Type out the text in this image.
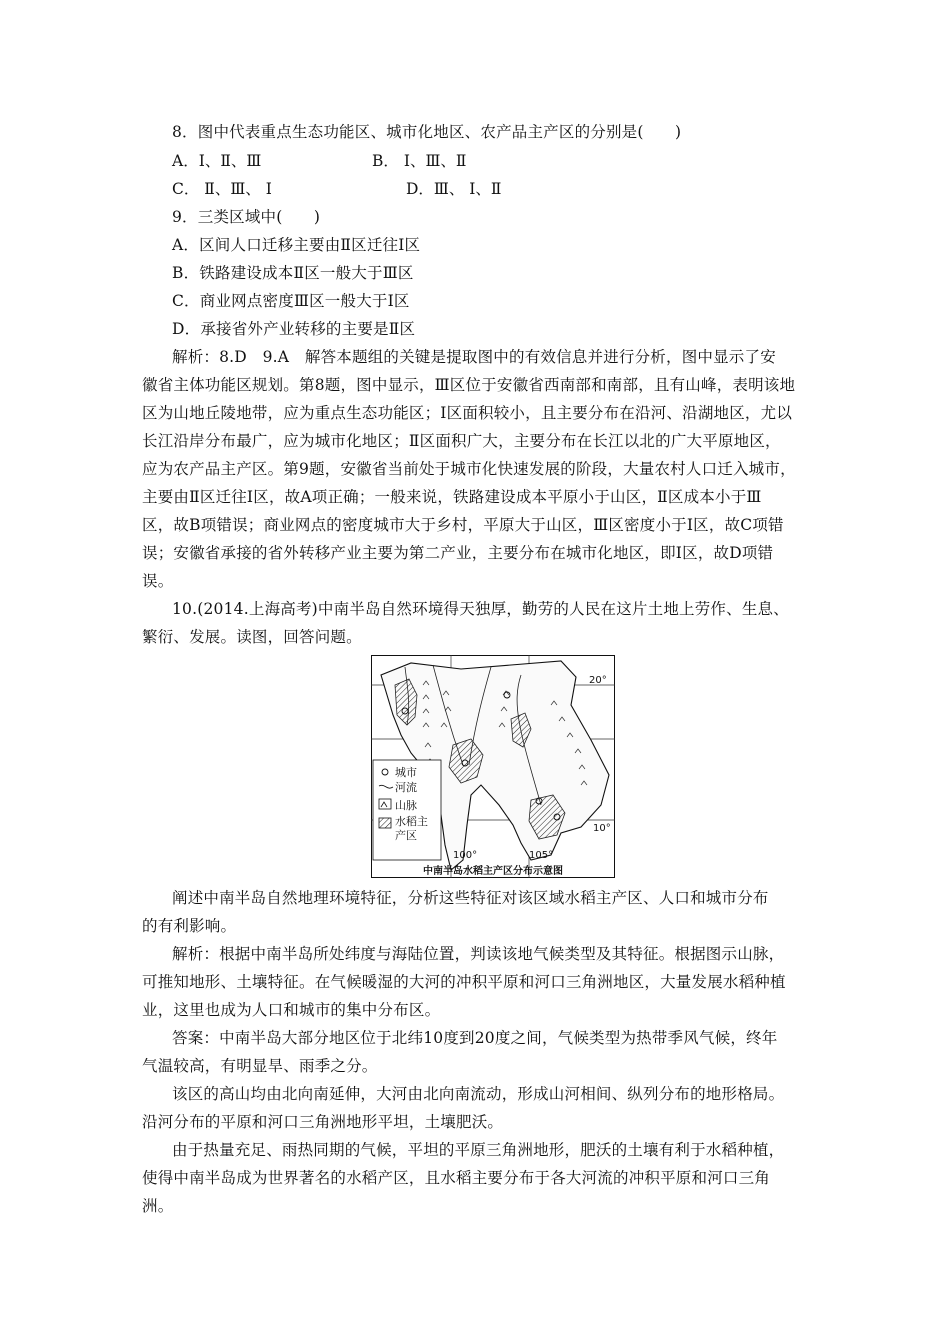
8．图中代表重点生态功能区、城市化地区、农产品主产区的分别是(　　)
A．Ⅰ、Ⅱ、Ⅲ	B． Ⅰ、Ⅲ、Ⅱ
C． Ⅱ、Ⅲ、 Ⅰ	D．Ⅲ、 Ⅰ、Ⅱ
9．三类区域中(　　)
A．区间人口迁移主要由Ⅱ区迁往Ⅰ区
B．铁路建设成本Ⅱ区一般大于Ⅲ区
C．商业网点密度Ⅲ区一般大于Ⅰ区
D．承接省外产业转移的主要是Ⅱ区
解析：8.D　9.A　解答本题组的关键是提取图中的有效信息并进行分析，图中显示了安
徽省主体功能区规划。第8题，图中显示，Ⅲ区位于安徽省西南部和南部，且有山峰，表明该地
区为山地丘陵地带，应为重点生态功能区；Ⅰ区面积较小，且主要分布在沿河、沿湖地区，尤以
长江沿岸分布最广，应为城市化地区；Ⅱ区面积广大，主要分布在长江以北的广大平原地区，
应为农产品主产区。第9题，安徽省当前处于城市化快速发展的阶段，大量农村人口迁入城市，
主要由Ⅱ区迁往Ⅰ区，故A项正确；一般来说，铁路建设成本平原小于山区，Ⅱ区成本小于Ⅲ
区，故B项错误；商业网点的密度城市大于乡村，平原大于山区，Ⅲ区密度小于Ⅰ区，故C项错
误；安徽省承接的省外转移产业主要为第二产业，主要分布在城市化地区，即Ⅰ区，故D项错
误。
10.(2014.上海高考)中南半岛自然环境得天独厚，勤劳的人民在这片土地上劳作、生息、
繁衍、发展。读图，回答问题。
城市
河流
山脉
水稻主
产区
20°
10°
100°	105°
中南半岛水稻主产区分布示意图
阐述中南半岛自然地理环境特征，分析这些特征对该区域水稻主产区、人口和城市分布
的有利影响。
解析：根据中南半岛所处纬度与海陆位置，判读该地气候类型及其特征。根据图示山脉，
可推知地形、土壤特征。在气候暖湿的大河的冲积平原和河口三角洲地区，大量发展水稻种植
业，这里也成为人口和城市的集中分布区。
答案：中南半岛大部分地区位于北纬10度到20度之间，气候类型为热带季风气候，终年
气温较高，有明显旱、雨季之分。
该区的高山均由北向南延伸，大河由北向南流动，形成山河相间、纵列分布的地形格局。
沿河分布的平原和河口三角洲地形平坦，土壤肥沃。
由于热量充足、雨热同期的气候，平坦的平原三角洲地形，肥沃的土壤有利于水稻种植，
使得中南半岛成为世界著名的水稻产区，且水稻主要分布于各大河流的冲积平原和河口三角
洲。
